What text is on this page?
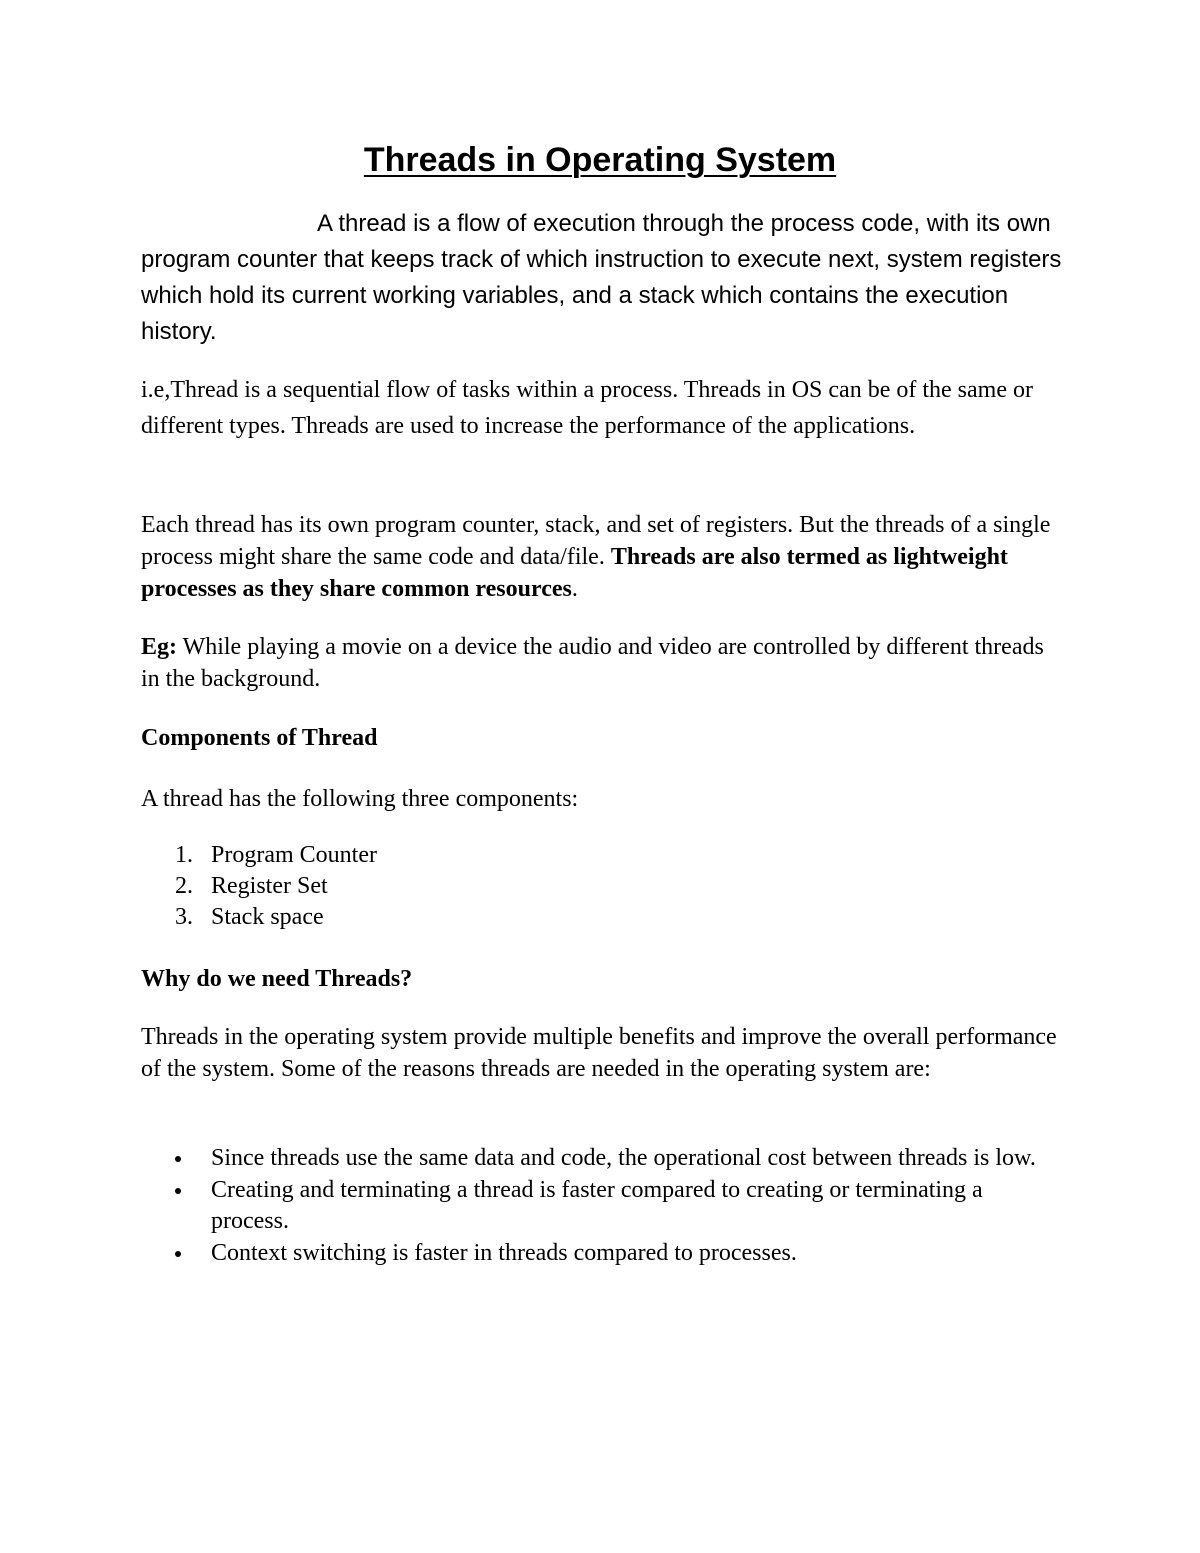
Threads in Operating System

A thread is a flow of execution through the process code, with its own program counter that keeps track of which instruction to execute next, system registers which hold its current working variables, and a stack which contains the execution history.

i.e,Thread is a sequential flow of tasks within a process. Threads in OS can be of the same or different types. Threads are used to increase the performance of the applications.

Each thread has its own program counter, stack, and set of registers. But the threads of a single process might share the same code and data/file. Threads are also termed as lightweight processes as they share common resources.

Eg: While playing a movie on a device the audio and video are controlled by different threads in the background.

Components of Thread

A thread has the following three components:

1. Program Counter
2. Register Set
3. Stack space
Why do we need Threads?

Threads in the operating system provide multiple benefits and improve the overall performance of the system. Some of the reasons threads are needed in the operating system are:

Since threads use the same data and code, the operational cost between threads is low.
Creating and terminating a thread is faster compared to creating or terminating a process.
Context switching is faster in threads compared to processes.
